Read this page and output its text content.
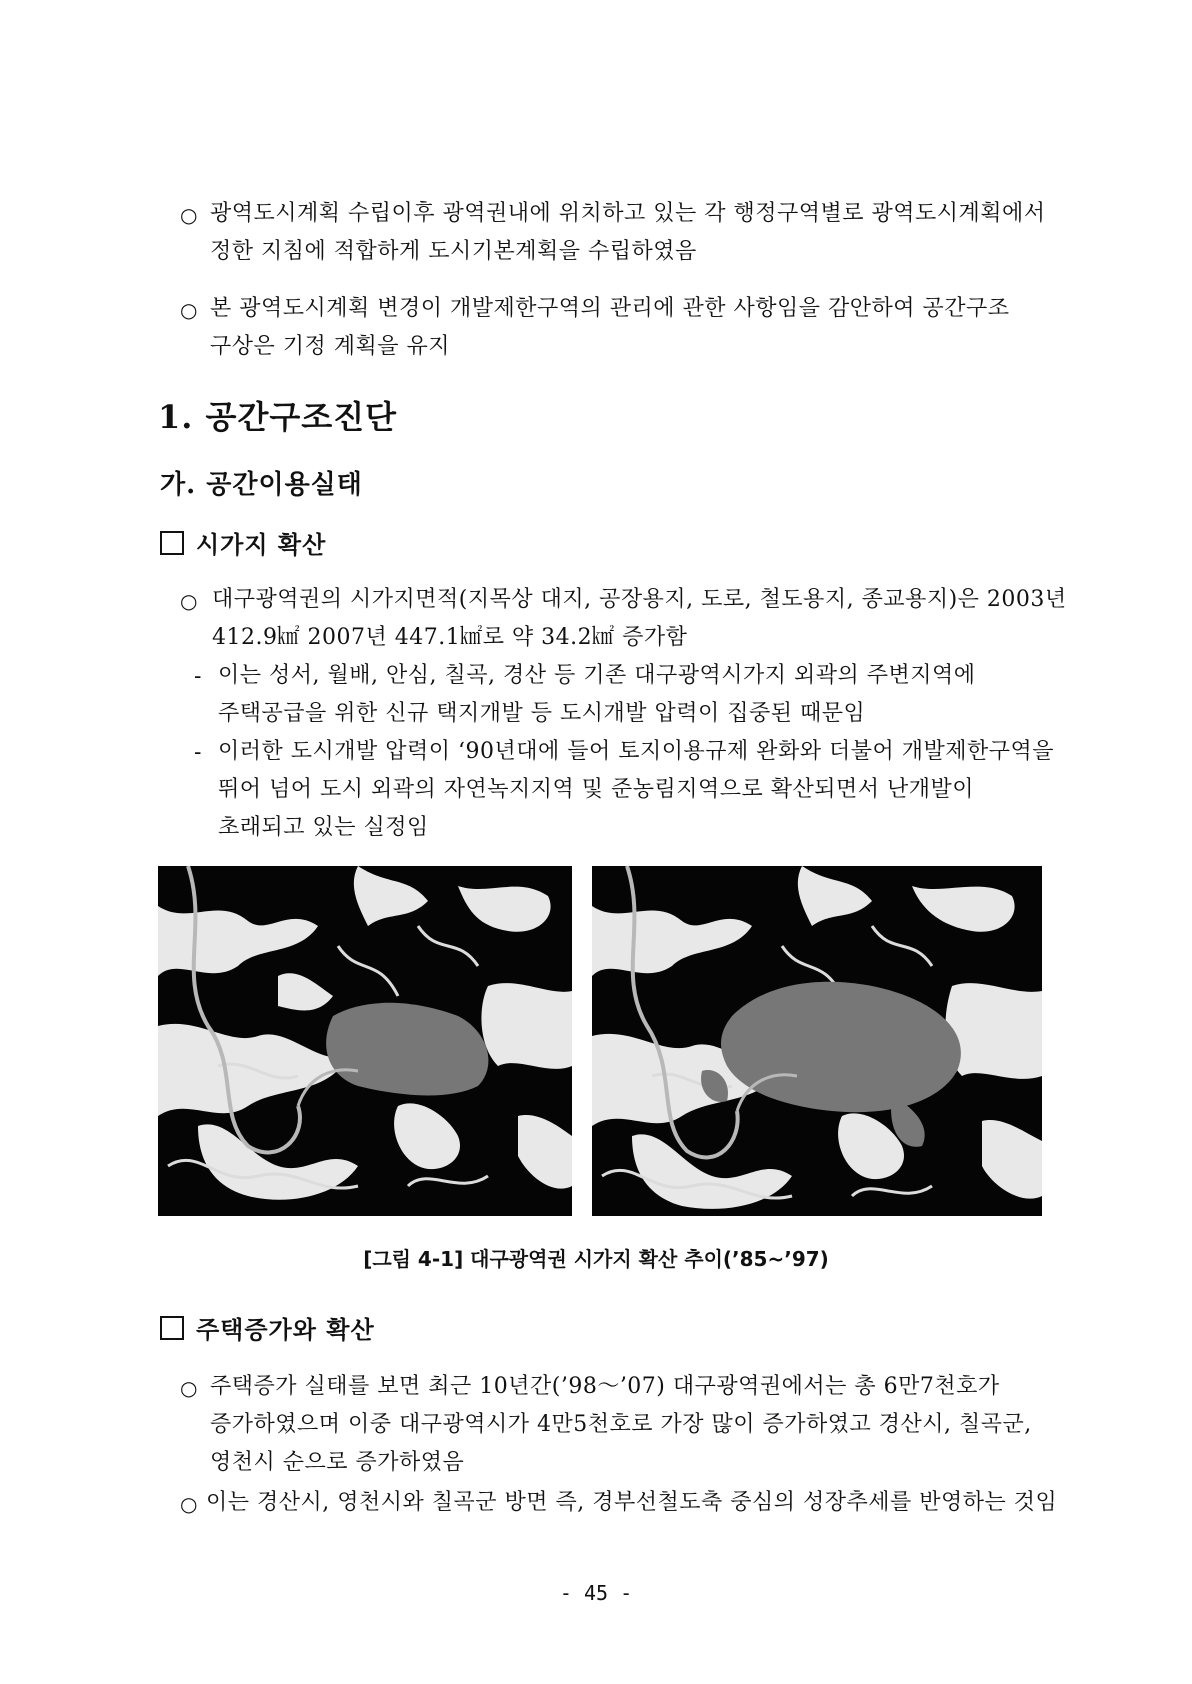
○ 광역도시계획 수립이후 광역권내에 위치하고 있는 각 행정구역별로 광역도시계획에서
정한 지침에 적합하게 도시기본계획을 수립하였음
○ 본 광역도시계획 변경이 개발제한구역의 관리에 관한 사항임을 감안하여 공간구조
구상은 기정 계획을 유지
1. 공간구조진단
가. 공간이용실태
시가지 확산
○ 대구광역권의 시가지면적(지목상 대지, 공장용지, 도로, 철도용지, 종교용지)은 2003년
412.9㎢ 2007년 447.1㎢로 약 34.2㎢ 증가함
- 이는 성서, 월배, 안심, 칠곡, 경산 등 기존 대구광역시가지 외곽의 주변지역에
주택공급을 위한 신규 택지개발 등 도시개발 압력이 집중된 때문임
- 이러한 도시개발 압력이 ‘90년대에 들어 토지이용규제 완화와 더불어 개발제한구역을
뛰어 넘어 도시 외곽의 자연녹지지역 및 준농림지역으로 확산되면서 난개발이
초래되고 있는 실정임
[그림 4-1] 대구광역권 시가지 확산 추이(’85~’97)
주택증가와 확산
○ 주택증가 실태를 보면 최근 10년간(’98～’07) 대구광역권에서는 총 6만7천호가
증가하였으며 이중 대구광역시가 4만5천호로 가장 많이 증가하였고 경산시, 칠곡군,
영천시 순으로 증가하였음
○ 이는 경산시, 영천시와 칠곡군 방면 즉, 경부선철도축 중심의 성장추세를 반영하는 것임
- 45 -
